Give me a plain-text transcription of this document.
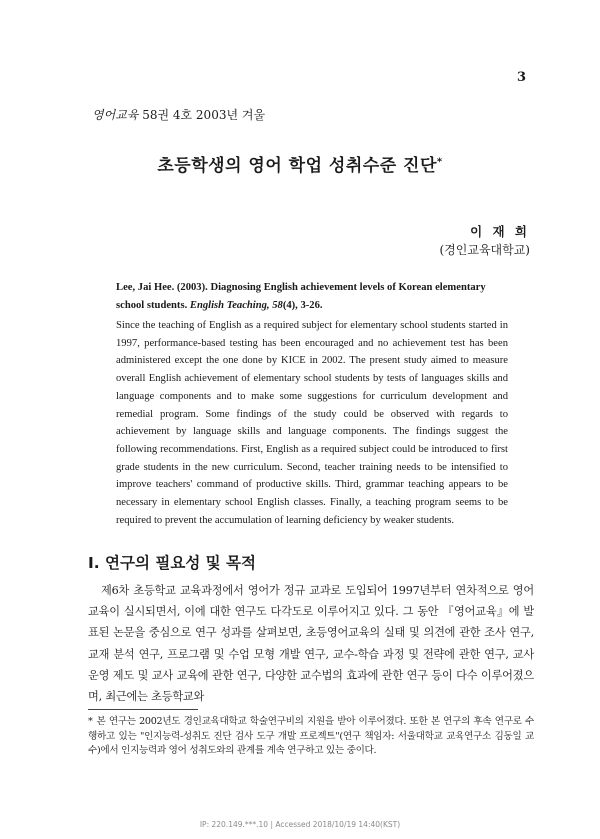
3
영어교육 58권 4호 2003년 겨울
초등학생의 영어 학업 성취수준 진단*
이 재 희
(경인교육대학교)
Lee, Jai Hee. (2003). Diagnosing English achievement levels of Korean elementary school students. English Teaching, 58(4), 3-26.
Since the teaching of English as a required subject for elementary school students started in 1997, performance-based testing has been encouraged and no achievement test has been administered except the one done by KICE in 2002. The present study aimed to measure overall English achievement of elementary school students by tests of languages skills and language components and to make some suggestions for curriculum development and remedial program. Some findings of the study could be observed with regards to achievement by language skills and language components. The findings suggest the following recommendations. First, English as a required subject could be introduced to first grade students in the new curriculum. Second, teacher training needs to be intensified to improve teachers' command of productive skills. Third, grammar teaching appears to be necessary in elementary school English classes. Finally, a teaching program seems to be required to prevent the accumulation of learning deficiency by weaker students.
I. 연구의 필요성 및 목적
제6차 초등학교 교육과정에서 영어가 정규 교과로 도입되어 1997년부터 연차적으로 영어교육이 실시되면서, 이에 대한 연구도 다각도로 이루어지고 있다. 그 동안 『영어교육』에 발표된 논문을 중심으로 연구 성과를 살펴보면, 초등영어교육의 실태 및 의견에 관한 조사 연구, 교재 분석 연구, 프로그램 및 수업 모형 개발 연구, 교수-학습 과정 및 전략에 관한 연구, 교사 운영 제도 및 교사 교육에 관한 연구, 다양한 교수법의 효과에 관한 연구 등이 다수 이루어졌으며, 최근에는 초등학교와
* 본 연구는 2002년도 경인교육대학교 학술연구비의 지원을 받아 이루어졌다. 또한 본 연구의 후속 연구로 수행하고 있는 "인지능력-성취도 진단 검사 도구 개발 프로젝트"(연구 책임자: 서울대학교 교육연구소 김동일 교수)에서 인지능력과 영어 성취도와의 관계를 계속 연구하고 있는 중이다.
IP: 220.149.***.10 | Accessed 2018/10/19 14:40(KST)
